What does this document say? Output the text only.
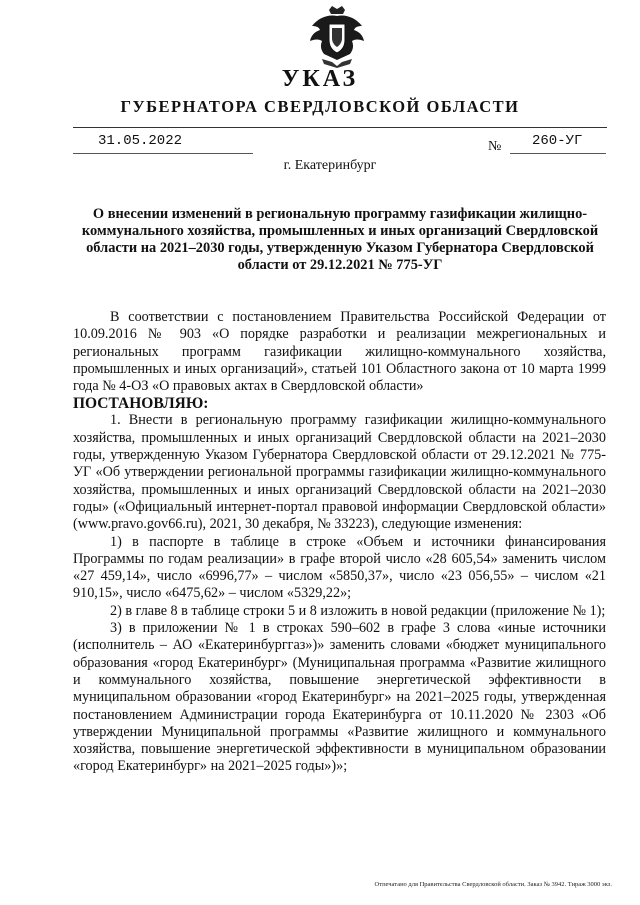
УКАЗ
ГУБЕРНАТОРА СВЕРДЛОВСКОЙ ОБЛАСТИ
31.05.2022	№ 260-УГ
г. Екатеринбург
О внесении изменений в региональную программу газификации жилищно-коммунального хозяйства, промышленных и иных организаций Свердловской области на 2021–2030 годы, утвержденную Указом Губернатора Свердловской области от 29.12.2021 № 775-УГ

В соответствии с постановлением Правительства Российской Федерации от 10.09.2016 № 903 «О порядке разработки и реализации межрегиональных и региональных программ газификации жилищно-коммунального хозяйства, промышленных и иных организаций», статьей 101 Областного закона от 10 марта 1999 года № 4-ОЗ «О правовых актах в Свердловской области»

ПОСТАНОВЛЯЮ:

1. Внести в региональную программу газификации жилищно-коммунального хозяйства, промышленных и иных организаций Свердловской области на 2021–2030 годы, утвержденную Указом Губернатора Свердловской области от 29.12.2021 № 775-УГ «Об утверждении региональной программы газификации жилищно-коммунального хозяйства, промышленных и иных организаций Свердловской области на 2021–2030 годы» («Официальный интернет-портал правовой информации Свердловской области» (www.pravo.gov66.ru), 2021, 30 декабря, № 33223), следующие изменения:

1) в паспорте в таблице в строке «Объем и источники финансирования Программы по годам реализации» в графе второй число «28 605,54» заменить числом «27 459,14», число «6996,77» – числом «5850,37», число «23 056,55» – числом «21 910,15», число «6475,62» – числом «5329,22»;

2) в главе 8 в таблице строки 5 и 8 изложить в новой редакции (приложение № 1);

3) в приложении № 1 в строках 590–602 в графе 3 слова «иные источники (исполнитель – АО «Екатеринбурггаз»)» заменить словами «бюджет муниципального образования «город Екатеринбург» (Муниципальная программа «Развитие жилищного и коммунального хозяйства, повышение энергетической эффективности в муниципальном образовании «город Екатеринбург» на 2021–2025 годы, утвержденная постановлением Администрации города Екатеринбурга от 10.11.2020 № 2303 «Об утверждении Муниципальной программы «Развитие жилищного и коммунального хозяйства, повышение энергетической эффективности в муниципальном образовании «город Екатеринбург» на 2021–2025 годы»)»;

Отпечатано для Правительства Свердловской области. Заказ № 3942. Тираж 3000 экз.
